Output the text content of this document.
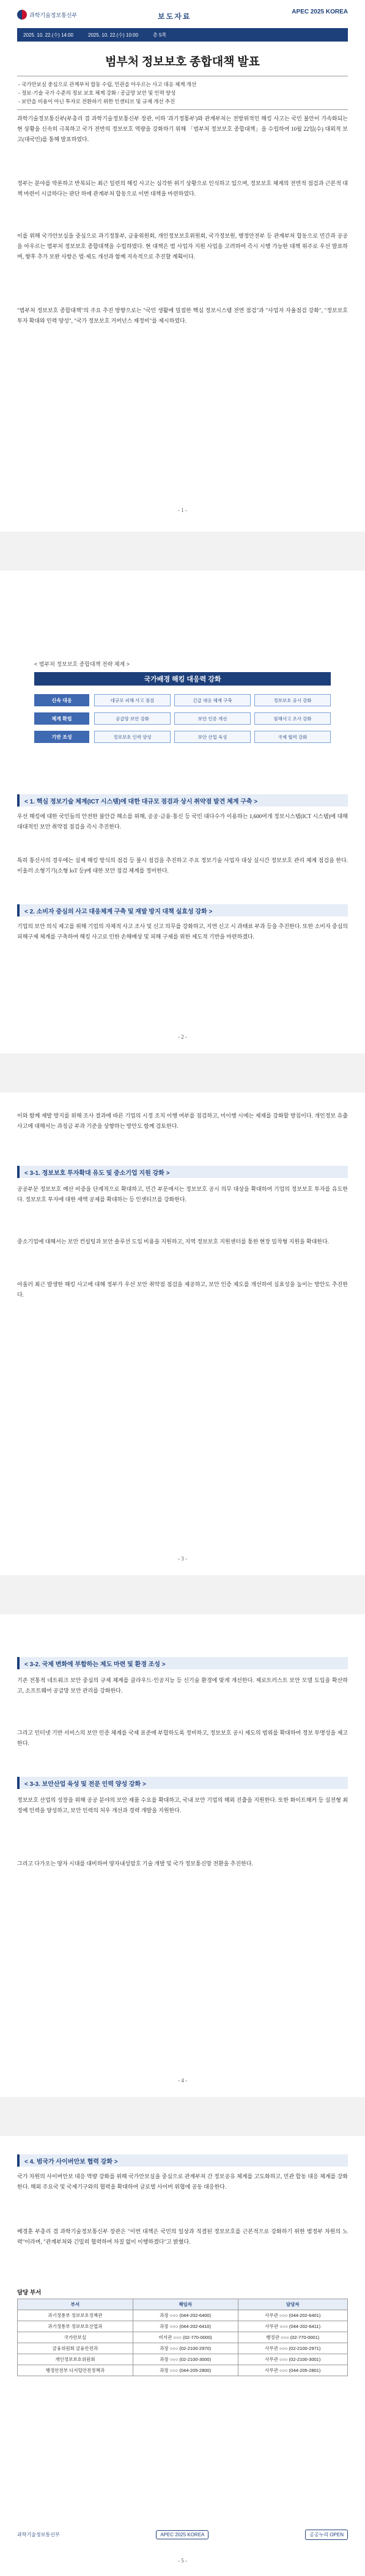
과학기술정보통신부	보도자료
APEC 2025 KOREA
2025. 10. 22.(수) 14:00	2025. 10. 22.(수) 10:00	총 5쪽
범부처 정보보호 종합대책 발표
- 국가안보실 중심으로 관계부처 합동 수립, 민관을 아우르는 사고 대응 체계 개선
- 정보·기술 국가 수준의 정보 보호 체계 강화 / 공급망 보안 및 인력 양성
- 보안을 비용이 아닌 투자로 전환하기 위한 인센티브 및 규제 개선 추진
과학기술정보통신부(부총리 겸 과학기술정보통신부 장관, 이하 '과기정통부')와 관계부처는 전방위적인 해킹 사고는 국민 불안이 가속화되는 현 상황을 신속히 극복하고 국가 전반의 정보보호 역량을 강화하기 위해 「범부처 정보보호 종합대책」을 수립하여 10월 22일(수) 대외적 보고(대국민)를 통해 발표하였다.
정부는 분야를 막론하고 반복되는 최근 일련의 해킹 사고는 심각한 위기 상황으로 인식하고 있으며, 정보보호 체계의 전면적 점검과 근본적 대책 마련이 시급하다는 판단 하에 관계부처 합동으로 이번 대책을 마련하였다.
이를 위해 국가안보실을 중심으로 과기정통부, 금융위원회, 개인정보보호위원회, 국가정보원, 행정안전부 등 관계부처 합동으로 민간과 공공을 아우르는 범부처 정보보호 종합대책을 수립하였다. 현 대책은 범 사업자 지원 사업을 고려하여 즉시 시행 가능한 대책 위주로 우선 발표하며, 향후 추가 보완 사항은 법·제도 개선과 함께 지속적으로 추진할 계획이다.
"범부처 정보보호 종합대책"의 주요 추진 방향으로는 "국민 생활에 밀접한 핵심 정보시스템 전면 점검"과 "사업자 자율점검 강화", "정보보호 투자 확대와 인력 양성", "국가 정보보호 거버넌스 재정비"를 제시하였다.
- 1 -
- 2 -
< 범부처 정보보호 종합대책 전략 체계 >
국가배경 해킹 대응력 강화
신속 대응
체계 확립
기반 조성
대규모 피해 사고 점검	긴급 대응 체계 구축	정보보호 공시 강화
공급망 보안 강화	보안 인증 개선	침해사고 조사 강화
정보보호 인력 양성	보안 산업 육성	국제 협력 강화
< 1. 핵심 정보기술 체계(ICT 시스템)에 대한 대규모 점검과 상시 취약점 발견 체계 구축 >
우선 해킹에 대한 국민들의 안전한 불안감 해소를 위해, 공공·금융·통신 등 국민 대다수가 이용하는 1,600여개 정보시스템(ICT 시스템)에 대해 대대적인 보안 취약점 점검을 즉시 추진한다.
특히 통신사의 경우에는 실제 해킹 방식의 점검 등 불시 점검을 추진하고 주요 정보기술 사업자 대상 실시간 정보보호 관리 체계 점검을 한다. 이울러 소형기기(소형 IoT 등)에 대한 보안 점검 체계를 정비한다.
< 2. 소비자 중심의 사고 대응체계 구축 및 재발 방지 대책 실효성 강화 >
기업의 보안 의식 제고를 위해 기업의 자체적 사고 조사 및 신고 의무를 강화하고, 지연 신고 시 과태료 부과 등을 추진한다. 또한 소비자 중심의 피해구제 체계를 구축하여 해킹 사고로 인한 손해배상 및 피해 구제를 위한 제도적 기반을 마련하겠다.
이와 함께 재발 방지를 위해 조사 결과에 따른 기업의 시정 조치 이행 여부를 점검하고, 미이행 시에는 제재를 강화할 방침이다. 개인정보 유출 사고에 대해서는 과징금 부과 기준을 상향하는 방안도 함께 검토한다.
< 3-1. 정보보호 투자확대 유도 및 중소기업 지원 강화 >
공공부문 정보보호 예산 비중을 단계적으로 확대하고, 민간 부문에서는 정보보호 공시 의무 대상을 확대하여 기업의 정보보호 투자를 유도한다. 정보보호 투자에 대한 세액 공제를 확대하는 등 인센티브를 강화한다.
중소기업에 대해서는 보안 컨설팅과 보안 솔루션 도입 비용을 지원하고, 지역 정보보호 지원센터를 통한 현장 밀착형 지원을 확대한다.
아울러 최근 발생한 해킹 사고에 대해 정부가 우선 보안 취약점 점검을 제공하고, 보안 인증 제도를 개선하여 실효성을 높이는 방안도 추진한다.
- 3 -
< 3-2. 국제 변화에 부합하는 제도 마련 및 환경 조성 >
기존 전통적 네트워크 보안 중심의 규제 체계를 클라우드·인공지능 등 신기술 환경에 맞게 개선한다. 제로트러스트 보안 모델 도입을 확산하고, 소프트웨어 공급망 보안 관리를 강화한다.
그리고 인터넷 기반 서비스의 보안 인증 체계를 국제 표준에 부합하도록 정비하고, 정보보호 공시 제도의 범위를 확대하여 정보 투명성을 제고한다.
< 3-3. 보안산업 육성 및 전문 인력 양성 강화 >
정보보호 산업의 성장을 위해 공공 분야의 보안 제품 수요를 확대하고, 국내 보안 기업의 해외 진출을 지원한다. 또한 화이트해커 등 실전형 최정예 인력을 양성하고, 보안 인력의 처우 개선과 경력 개발을 지원한다.
그리고 다가오는 양자 시대를 대비하여 양자내성암호 기술 개발 및 국가 정보통신망 전환을 추진한다.
- 4 -
< 4. 범국가 사이버안보 협력 강화 >
국가 차원의 사이버안보 대응 역량 강화를 위해 국가안보실을 중심으로 관계부처 간 정보공유 체계를 고도화하고, 민관 합동 대응 체계를 강화한다. 해외 주요국 및 국제기구와의 협력을 확대하여 글로벌 사이버 위협에 공동 대응한다.
배경훈 부총리 겸 과학기술정보통신부 장관은 "이번 대책은 국민의 일상과 직결된 정보보호를 근본적으로 강화하기 위한 범정부 차원의 노력"이라며, "관계부처와 긴밀히 협력하여 차질 없이 이행하겠다"고 밝혔다.
담당 부서
부서	책임자	담당자
과기정통부 정보보호정책관	과장 ○○○ (044-202-6400)	사무관 ○○○ (044-202-6401)
과기정통부 정보보호산업과	과장 ○○○ (044-202-6410)	사무관 ○○○ (044-202-6411)
국가안보실	비서관 ○○○ (02-770-0000)	행정관 ○○○ (02-770-0001)
금융위원회 금융안전과	과장 ○○○ (02-2100-2970)	사무관 ○○○ (02-2100-2971)
개인정보보호위원회	과장 ○○○ (02-2100-3000)	사무관 ○○○ (02-2100-3001)
행정안전부 디지털안전정책과	과장 ○○○ (044-205-2800)	사무관 ○○○ (044-205-2801)
과학기술정보통신부	APEC 2025 KOREA	공공누리 OPEN
- 5 -
